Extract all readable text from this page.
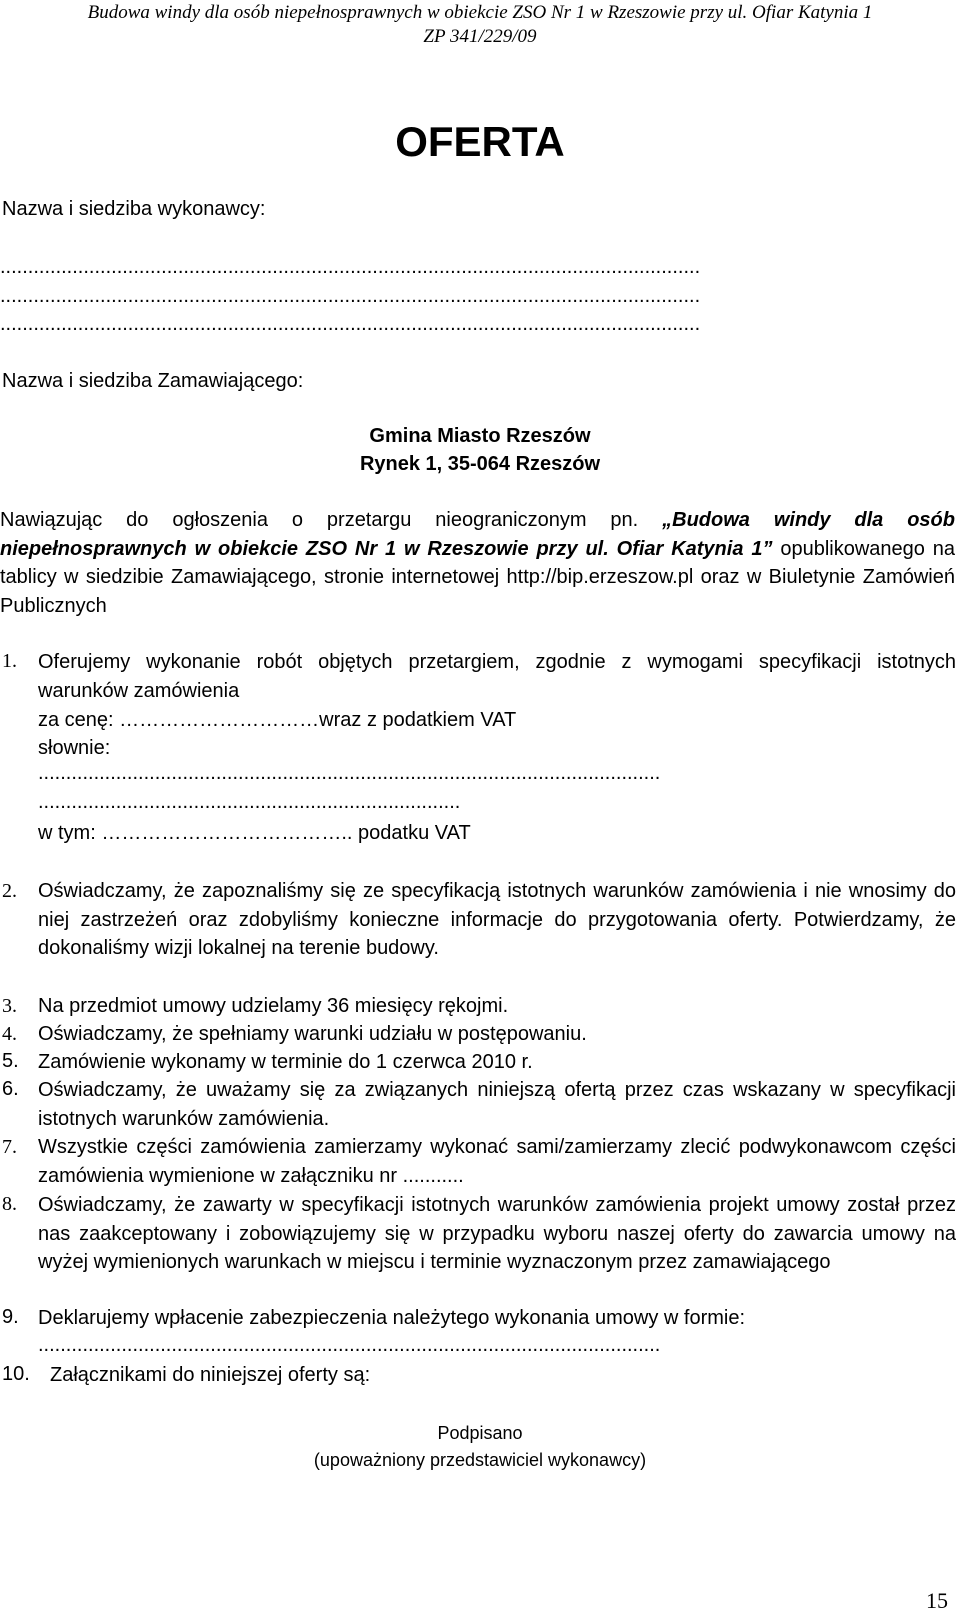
Budowa windy dla osób niepełnosprawnych w obiekcie ZSO Nr 1 w Rzeszowie przy ul. Ofiar Katynia 1
ZP 341/229/09
OFERTA
Nazwa i siedziba wykonawcy:
..............................................................................................................................
..............................................................................................................................
..............................................................................................................................
Nazwa i siedziba Zamawiającego:
Gmina Miasto Rzeszów
Rynek 1, 35-064 Rzeszów
Nawiązując do ogłoszenia o przetargu nieograniczonym pn. „Budowa windy dla osób niepełnosprawnych w obiekcie ZSO Nr 1 w Rzeszowie przy ul. Ofiar Katynia 1” opublikowanego na tablicy w siedzibie Zamawiającego, stronie internetowej http://bip.erzeszow.pl oraz w Biuletynie Zamówień Publicznych
1. Oferujemy wykonanie robót objętych przetargiem, zgodnie z wymogami specyfikacji istotnych warunków zamówienia
za cenę: …………………………wraz z podatkiem VAT
słownie:
................................................................................................................
............................................................................
w tym: ……………………………….. podatku VAT
2. Oświadczamy, że zapoznaliśmy się ze specyfikacją istotnych warunków zamówienia i nie wnosimy do niej zastrzeżeń oraz zdobyliśmy konieczne informacje do przygotowania oferty. Potwierdzamy, że dokonaliśmy wizji lokalnej na terenie budowy.
3. Na przedmiot umowy udzielamy 36 miesięcy rękojmi.
4. Oświadczamy, że spełniamy warunki udziału w postępowaniu.
5. Zamówienie wykonamy w terminie do 1 czerwca 2010 r.
6. Oświadczamy, że uważamy się za związanych niniejszą ofertą przez czas wskazany w specyfikacji istotnych warunków zamówienia.
7. Wszystkie części zamówienia zamierzamy wykonać sami/zamierzamy zlecić podwykonawcom części zamówienia wymienione w załączniku nr ...........
8. Oświadczamy, że zawarty w specyfikacji istotnych warunków zamówienia projekt umowy został przez nas zaakceptowany i zobowiązujemy się w przypadku wyboru naszej oferty do zawarcia umowy na wyżej wymienionych warunkach w miejscu i terminie wyznaczonym przez zamawiającego
9. Deklarujemy wpłacenie zabezpieczenia należytego wykonania umowy w formie:
................................................................................................................
10. Załącznikami do niniejszej oferty są:
Podpisano
(upoważniony przedstawiciel wykonawcy)
15
